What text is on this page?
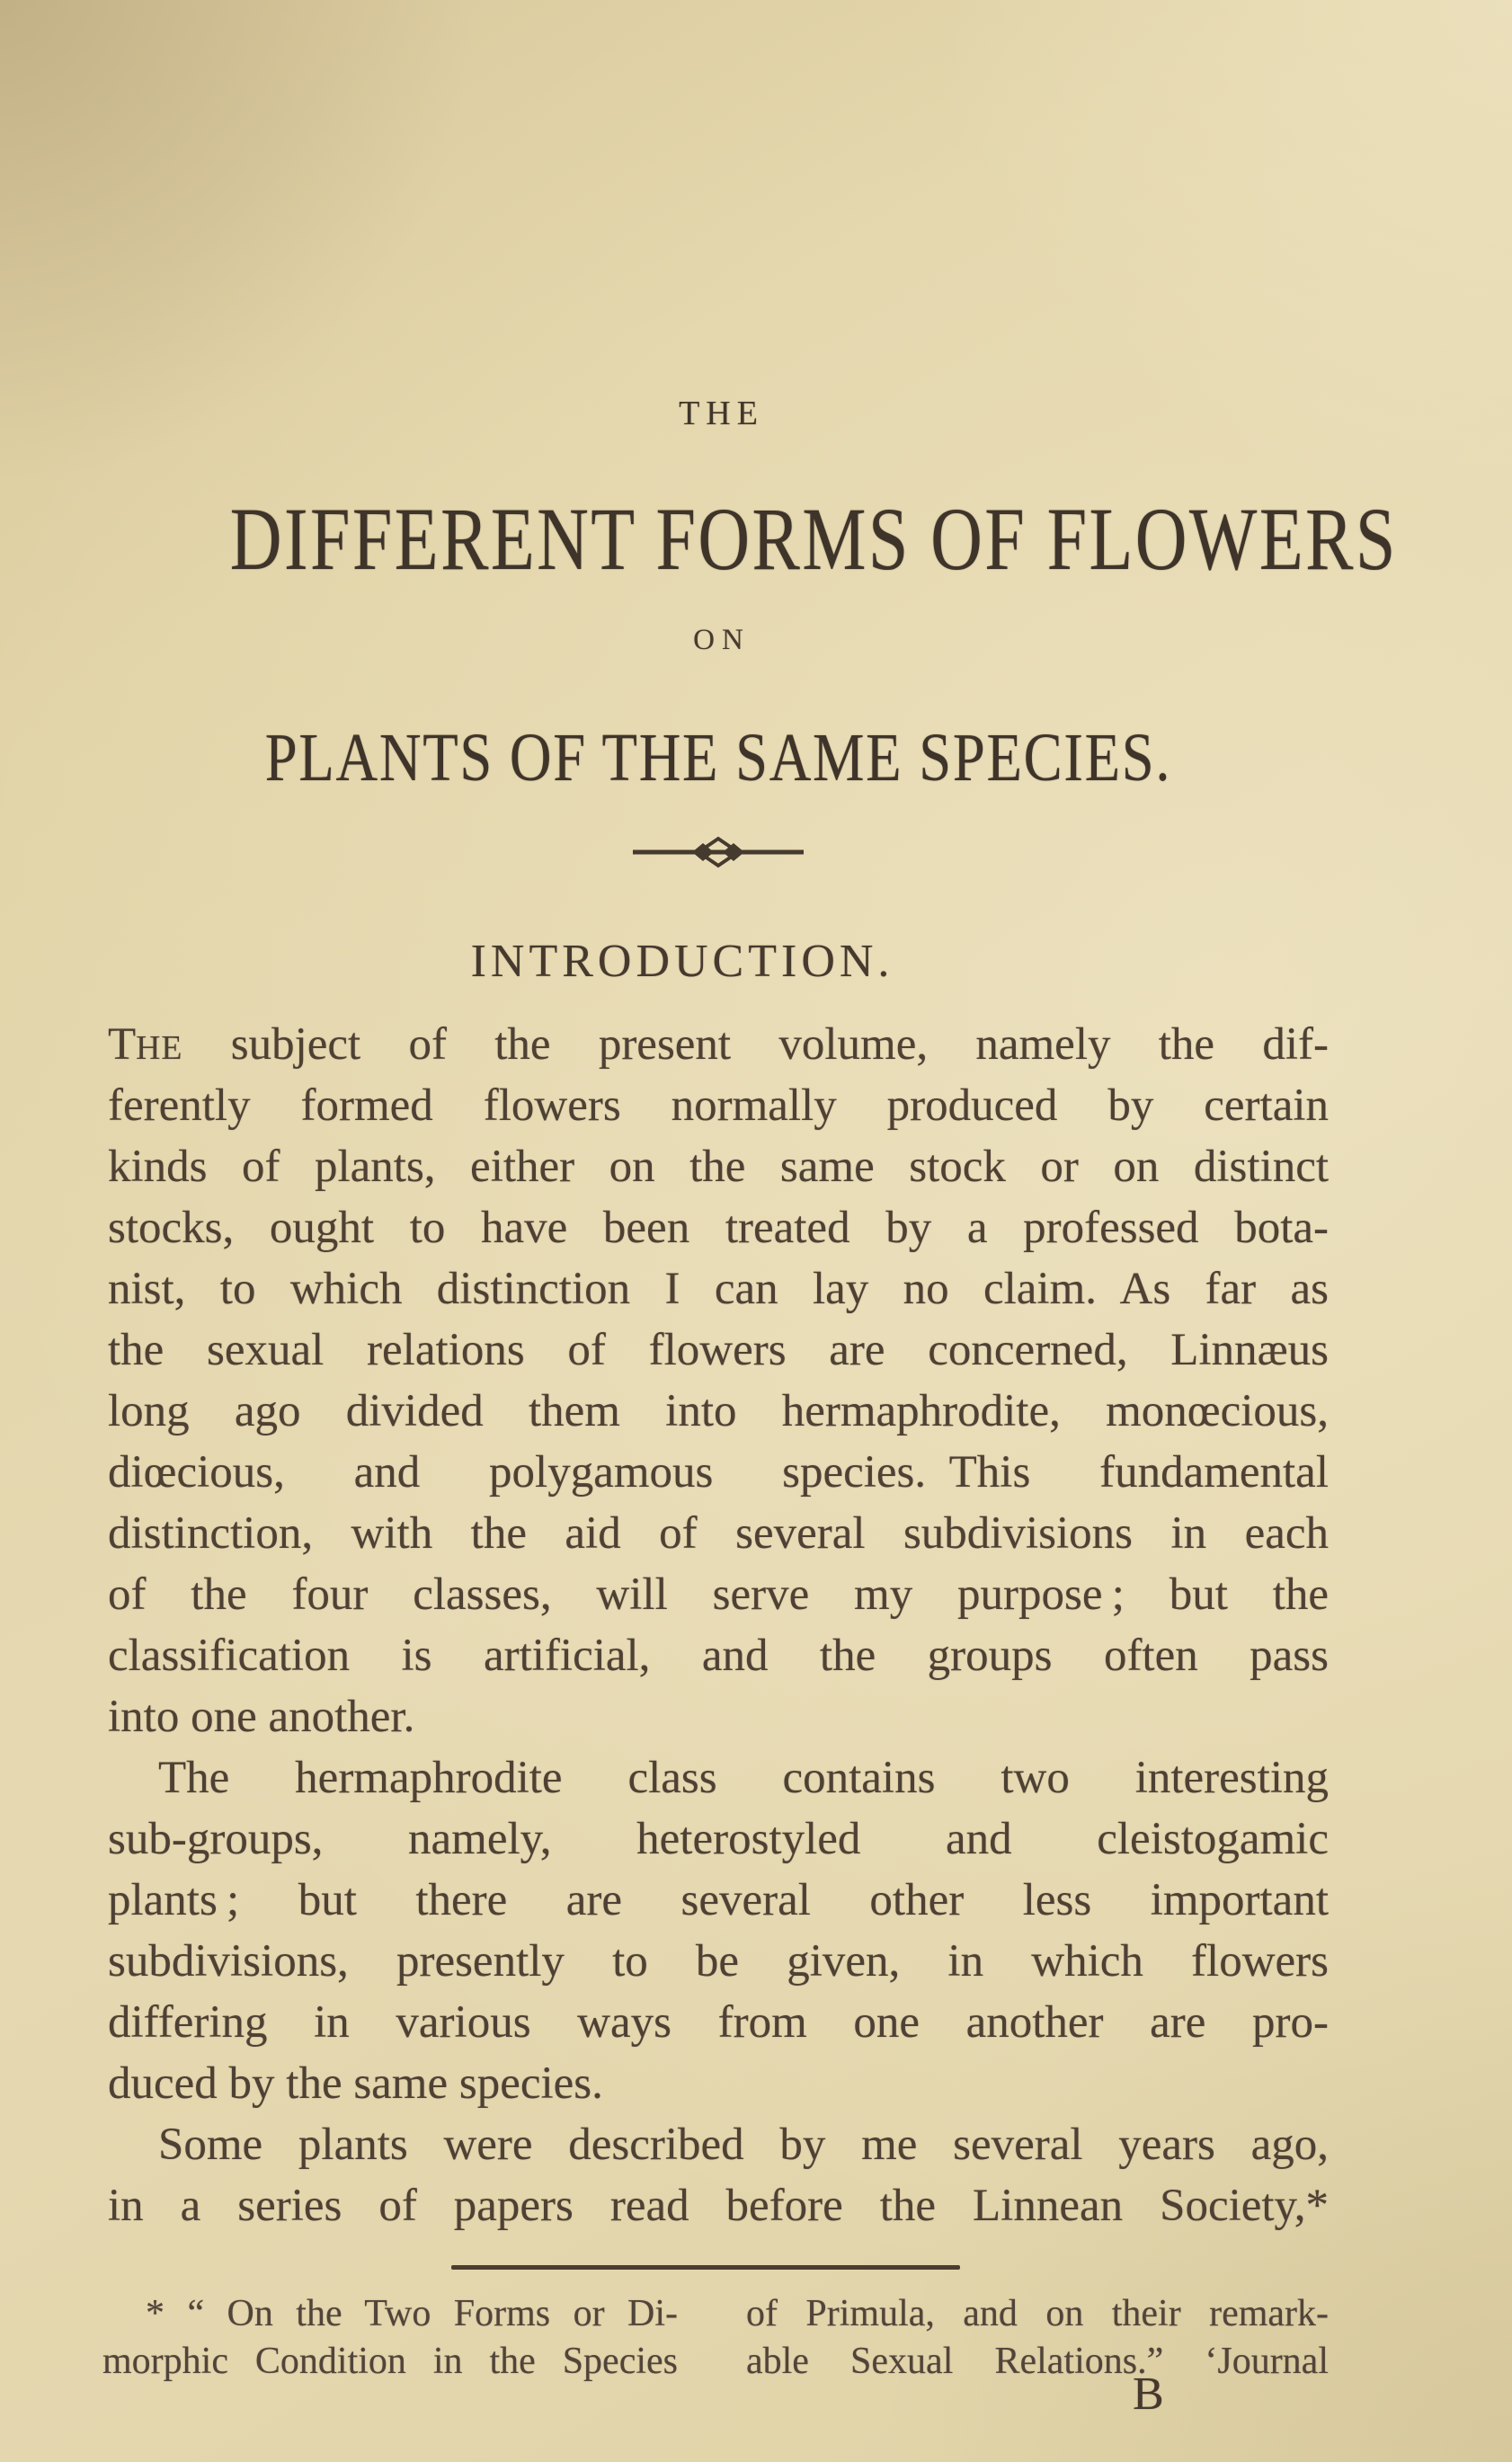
THE
DIFFERENT FORMS OF FLOWERS
ON
PLANTS OF THE SAME SPECIES.
INTRODUCTION.
THE subject of the present volume, namely the dif-
ferently formed flowers normally produced by certain
kinds of plants, either on the same stock or on distinct
stocks, ought to have been treated by a professed bota-
nist, to which distinction I can lay no claim. As far as
the sexual relations of flowers are concerned, Linnæus
long ago divided them into hermaphrodite, monœcious,
diœcious, and polygamous species. This fundamental
distinction, with the aid of several subdivisions in each
of the four classes, will serve my purpose ; but the
classification is artificial, and the groups often pass
into one another.
The hermaphrodite class contains two interesting
sub-groups, namely, heterostyled and cleistogamic
plants ; but there are several other less important
subdivisions, presently to be given, in which flowers
differing in various ways from one another are pro-
duced by the same species.
Some plants were described by me several years ago,
in a series of papers read before the Linnean Society,*
* “ On the Two Forms or Di-
morphic Condition in the Species
of Primula, and on their remark-
able Sexual Relations.” ‘Journal
B
